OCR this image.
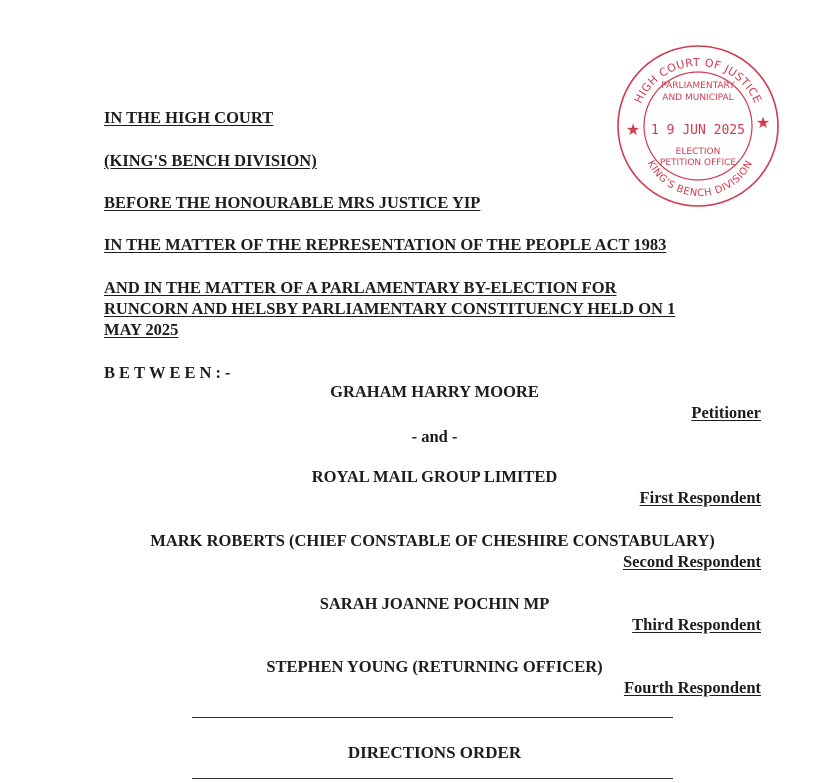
HIGH COURT OF JUSTICE
KING'S BENCH DIVISION
PARLIAMENTARY
AND MUNICIPAL
1 9 JUN 2025
ELECTION
PETITION OFFICE
★	★

IN THE HIGH COURT

(KING'S BENCH DIVISION)

BEFORE THE HONOURABLE MRS JUSTICE YIP

IN THE MATTER OF THE REPRESENTATION OF THE PEOPLE ACT 1983

AND IN THE MATTER OF A PARLAMENTARY BY-ELECTION FOR

RUNCORN AND HELSBY PARLIAMENTARY CONSTITUENCY HELD ON 1

MAY 2025

BETWEEN:-
GRAHAM HARRY MOORE
Petitioner
- and -
ROYAL MAIL GROUP LIMITED
First Respondent
MARK ROBERTS (CHIEF CONSTABLE OF CHESHIRE CONSTABULARY)
Second Respondent
SARAH JOANNE POCHIN MP
Third Respondent
STEPHEN YOUNG (RETURNING OFFICER)
Fourth Respondent
DIRECTIONS ORDER
